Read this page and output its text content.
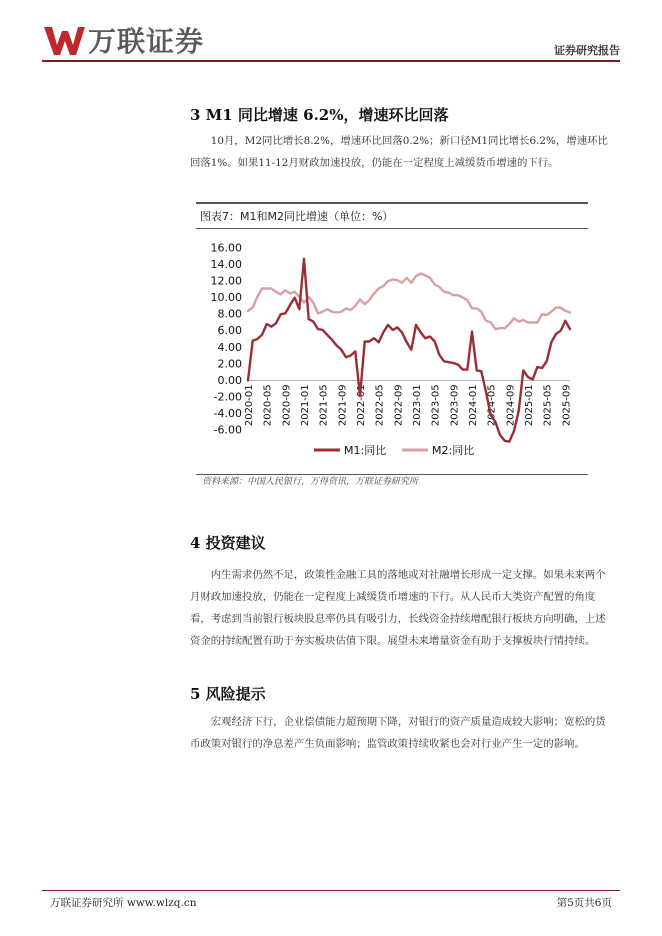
万联证券	证券研究报告
3 M1 同比增速 6.2%，增速环比回落
10月，M2同比增长8.2%，增速环比回落0.2%；新口径M1同比增长6.2%，增速环比回落1%。如果11-12月财政加速投放，仍能在一定程度上减缓货币增速的下行。
图表7：M1和M2同比增速（单位：%）
16.00
14.00
12.00
10.00
8.00
6.00
4.00
2.00
0.00
-2.00
-4.00
-6.00
2020-01 2020-05 2020-09 2021-01 2021-05 2021-09 2022-01 2022-05 2022-09 2023-01 2023-05 2023-09 2024-01 2024-05 2024-09 2025-01 2025-05 2025-09
M1:同比	M2:同比
资料来源：中国人民银行，万得资讯，万联证券研究所
4 投资建议
内生需求仍然不足，政策性金融工具的落地或对社融增长形成一定支撑。如果未来两个月财政加速投放，仍能在一定程度上减缓货币增速的下行。从人民币大类资产配置的角度看，考虑到当前银行板块股息率仍具有吸引力，长线资金持续增配银行板块方向明确，上述资金的持续配置有助于夯实板块估值下限。展望未来增量资金有助于支撑板块行情持续。
5 风险提示
宏观经济下行，企业偿债能力超预期下降，对银行的资产质量造成较大影响；宽松的货币政策对银行的净息差产生负面影响；监管政策持续收紧也会对行业产生一定的影响。
万联证券研究所 www.wlzq.cn	第5页共6页
